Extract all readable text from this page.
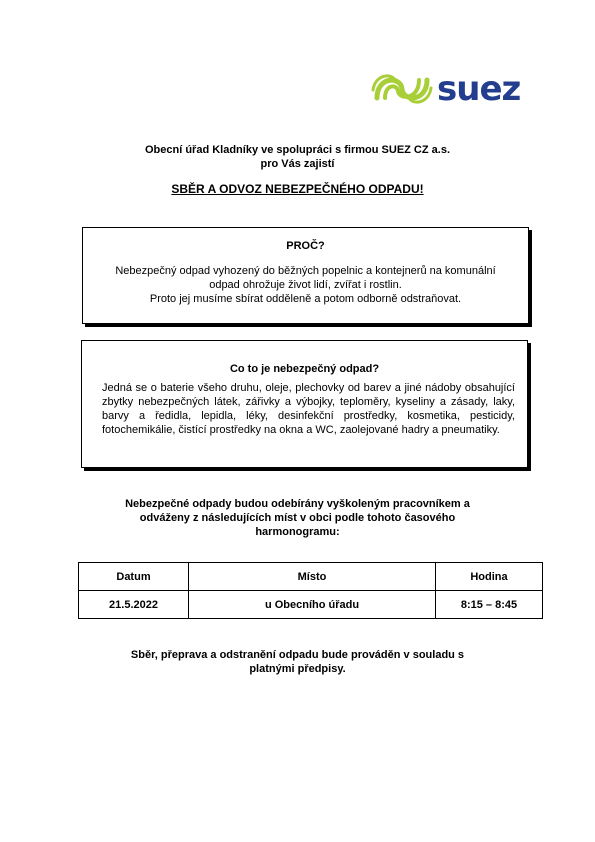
suez
Obecní úřad Kladníky ve spolupráci s firmou SUEZ CZ a.s.
pro Vás zajistí
SBĚR A ODVOZ NEBEZPEČNÉHO ODPADU!
PROČ?
Nebezpečný odpad vyhozený do běžných popelnic a kontejnerů na komunální
odpad ohrožuje život lidí, zvířat i rostlin.
Proto jej musíme sbírat odděleně a potom odborně odstraňovat.
Co to je nebezpečný odpad?
Jedná se o baterie všeho druhu, oleje, plechovky od barev a jiné nádoby obsahující zbytky nebezpečných látek, zářivky a výbojky, teploměry, kyseliny a zásady, laky, barvy a ředidla, lepidla, léky, desinfekční prostředky, kosmetika, pesticidy, fotochemikálie, čistící prostředky na okna a WC, zaolejované hadry a pneumatiky.
Nebezpečné odpady budou odebírány vyškoleným pracovníkem a
odváženy z následujících míst v obci podle tohoto časového
harmonogramu:
Datum	Místo	Hodina
21.5.2022	u Obecního úřadu	8:15 – 8:45
Sběr, přeprava a odstranění odpadu bude prováděn v souladu s
platnými předpisy.
